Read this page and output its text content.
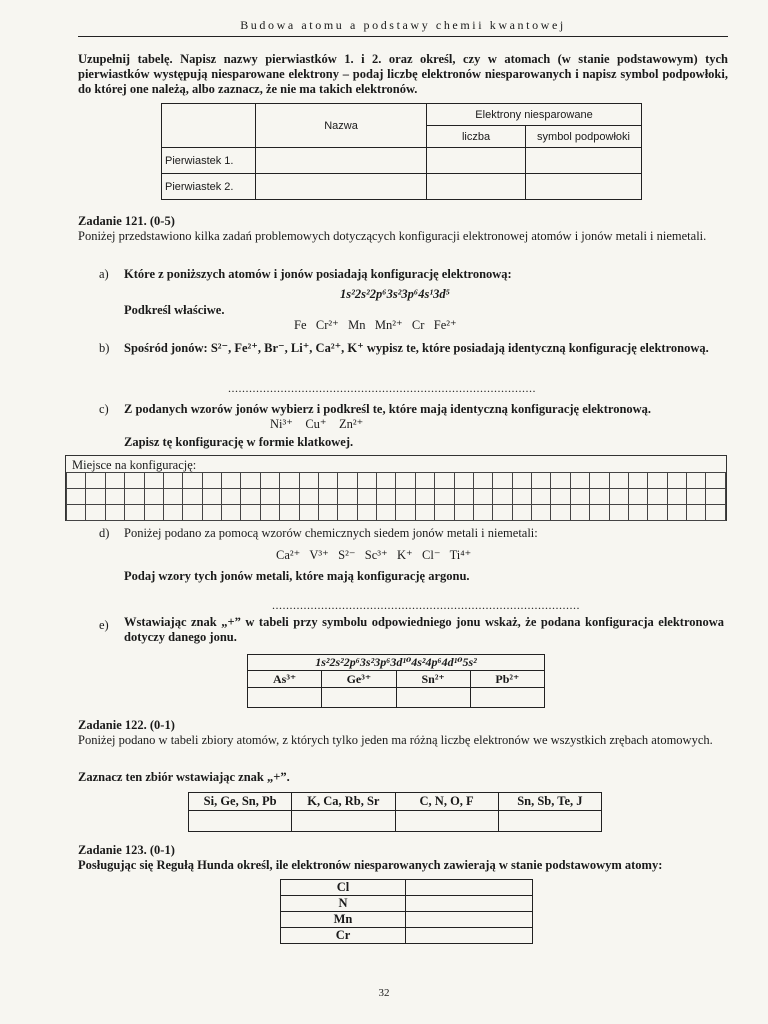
Budowa atomu a podstawy chemii kwantowej

Uzupełnij tabelę. Napisz nazwy pierwiastków 1. i 2. oraz określ, czy w atomach (w stanie podstawowym) tych pierwiastków występują niesparowane elektrony – podaj liczbę elektronów niesparowanych i napisz symbol podpowłoki, do której one należą, albo zaznacz, że nie ma takich elektronów.

	Nazwa	Elektrony niesparowane	
		liczba	symbol podpowłoki
Pierwiastek 1.			
Pierwiastek 2.			

Zadanie 121. (0-5)

Poniżej przedstawiono kilka zadań problemowych dotyczących konfiguracji elektronowej atomów i jonów metali i niemetali.

a) Które z poniższych atomów i jonów posiadają konfigurację elektronową:

1s²2s²2p⁶3s²3p⁶4s¹3d⁵

Podkreśl właściwe.

Fe   Cr²⁺   Mn   Mn²⁺   Cr   Fe²⁺

b) Spośród jonów: S²⁻, Fe²⁺, Br⁻, Li⁺, Ca²⁺, K⁺ wypisz te, które posiadają identyczną konfigurację elektronową.

........................................................................................

c) Z podanych wzorów jonów wybierz i podkreśl te, które mają identyczną konfigurację elektronową.

Ni³⁺    Cu⁺    Zn²⁺

Zapisz tę konfigurację w formie klatkowej.

Miejsce na konfigurację:

d) Poniżej podano za pomocą wzorów chemicznych siedem jonów metali i niemetali:

Ca²⁺   V³⁺   S²⁻   Sc³⁺   K⁺   Cl⁻   Ti⁴⁺

Podaj wzory tych jonów metali, które mają konfigurację argonu.

........................................................................................

e) Wstawiając znak „+” w tabeli przy symbolu odpowiedniego jonu wskaż, że podana konfiguracja elektronowa dotyczy danego jonu.

1s²2s²2p⁶3s²3p⁶3d¹⁰4s²4p⁶4d¹⁰5s²			
As³⁺	Ge³⁺	Sn²⁺	Pb²⁺

Zadanie 122. (0-1)

Poniżej podano w tabeli zbiory atomów, z których tylko jeden ma różną liczbę elektronów we wszystkich zrębach atomowych.

Zaznacz ten zbiór wstawiając znak „+”.

Si, Ge, Sn, Pb	K, Ca, Rb, Sr	C, N, O, F	Sn, Sb, Te, J

Zadanie 123. (0-1)

Posługując się Regułą Hunda określ, ile elektronów niesparowanych zawierają w stanie podstawowym atomy:

Cl	
N	
Mn	
Cr	

32
